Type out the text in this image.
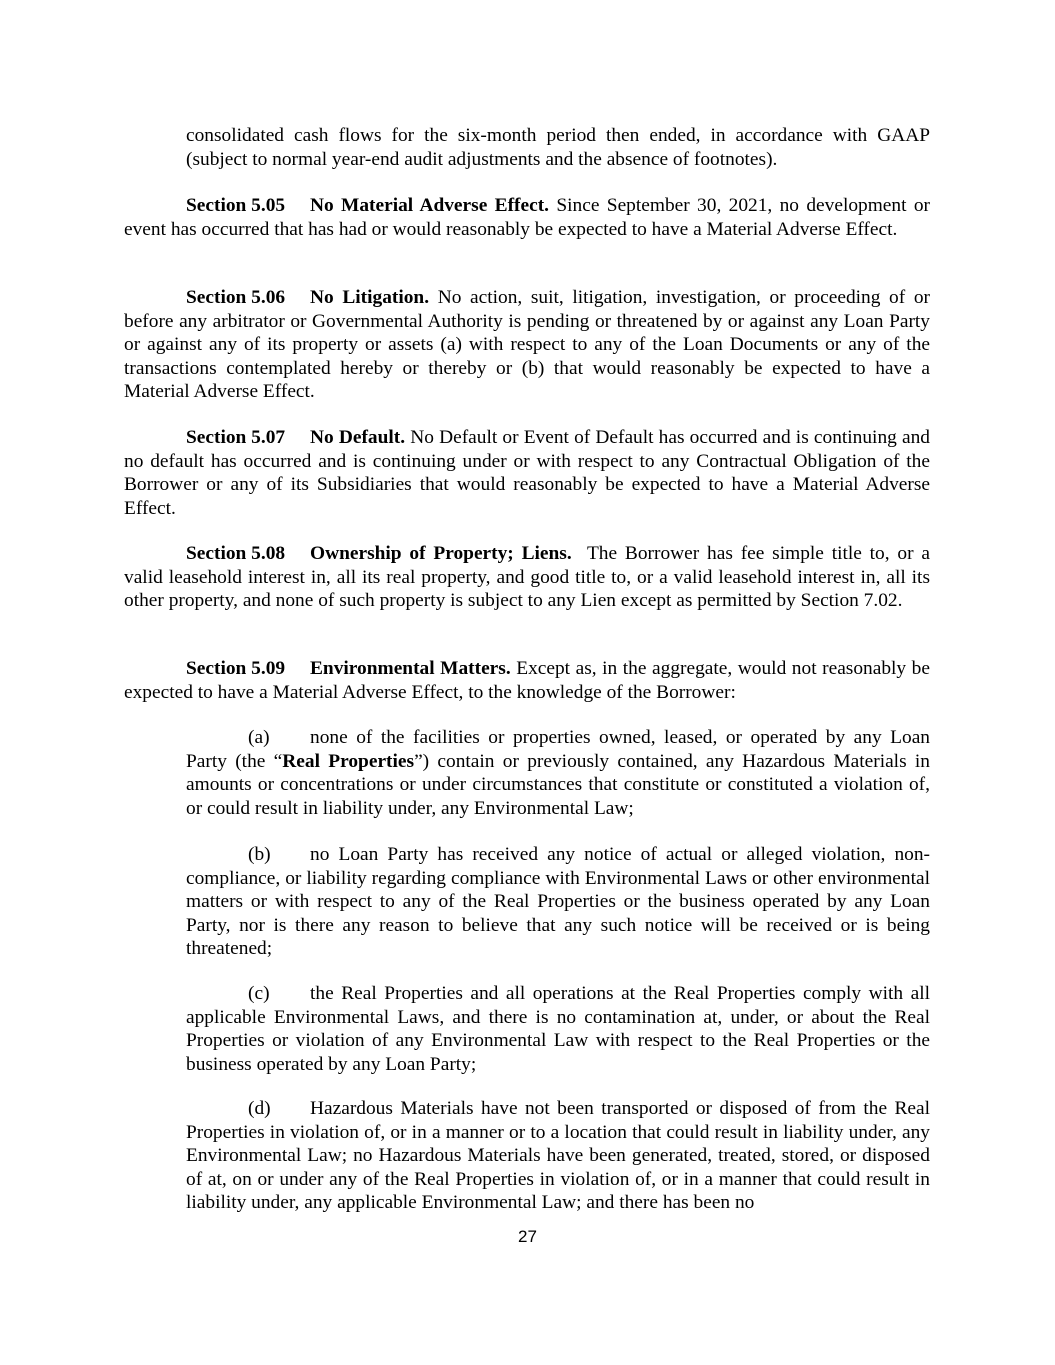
consolidated cash flows for the six-month period then ended, in accordance with GAAP (subject to normal year-end audit adjustments and the absence of footnotes).

Section 5.05 No Material Adverse Effect. Since September 30, 2021, no development or event has occurred that has had or would reasonably be expected to have a Material Adverse Effect.

Section 5.06 No Litigation. No action, suit, litigation, investigation, or proceeding of or before any arbitrator or Governmental Authority is pending or threatened by or against any Loan Party or against any of its property or assets (a) with respect to any of the Loan Documents or any of the transactions contemplated hereby or thereby or (b) that would reasonably be expected to have a Material Adverse Effect.

Section 5.07 No Default. No Default or Event of Default has occurred and is continuing and no default has occurred and is continuing under or with respect to any Contractual Obligation of the Borrower or any of its Subsidiaries that would reasonably be expected to have a Material Adverse Effect.

Section 5.08 Ownership of Property; Liens.  The Borrower has fee simple title to, or a valid leasehold interest in, all its real property, and good title to, or a valid leasehold interest in, all its other property, and none of such property is subject to any Lien except as permitted by Section 7.02.

Section 5.09 Environmental Matters. Except as, in the aggregate, would not reasonably be expected to have a Material Adverse Effect, to the knowledge of the Borrower:

(a) none of the facilities or properties owned, leased, or operated by any Loan Party (the “Real Properties”) contain or previously contained, any Hazardous Materials in amounts or concentrations or under circumstances that constitute or constituted a violation of, or could result in liability under, any Environmental Law;

(b) no Loan Party has received any notice of actual or alleged violation, non-compliance, or liability regarding compliance with Environmental Laws or other environmental matters or with respect to any of the Real Properties or the business operated by any Loan Party, nor is there any reason to believe that any such notice will be received or is being threatened;

(c) the Real Properties and all operations at the Real Properties comply with all applicable Environmental Laws, and there is no contamination at, under, or about the Real Properties or violation of any Environmental Law with respect to the Real Properties or the business operated by any Loan Party;

(d) Hazardous Materials have not been transported or disposed of from the Real Properties in violation of, or in a manner or to a location that could result in liability under, any Environmental Law; no Hazardous Materials have been generated, treated, stored, or disposed of at, on or under any of the Real Properties in violation of, or in a manner that could result in liability under, any applicable Environmental Law; and there has been no

27
